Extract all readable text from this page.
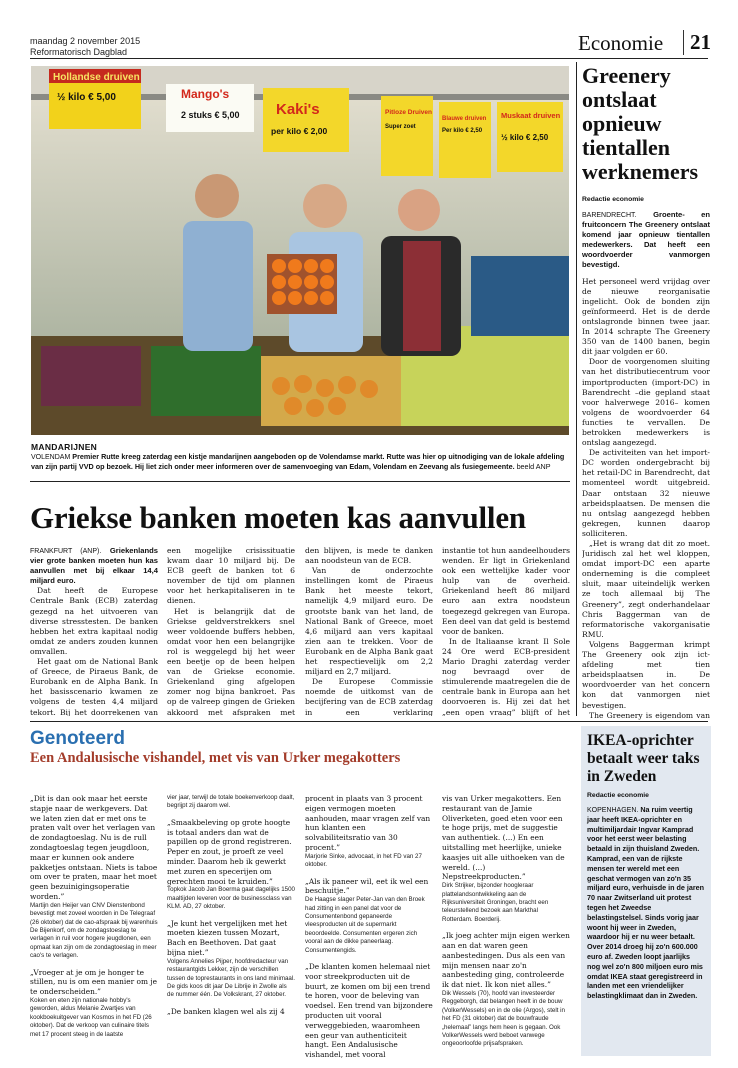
maandag 2 november 2015
Reformatorisch Dagblad	Economie	21
Hollandse druiven
½ kilo € 5,00	Mango's
2 stuks € 5,00 Kaki's
per kilo € 2,00
Pitloze Druiven
Super zoet
Blauwe druiven
Per kilo € 2,50
Muskaat druiven
½ kilo € 2,50
MANDARIJNEN
VOLENDAM Premier Rutte kreeg zaterdag een kistje mandarijnen aangeboden op de Volendamse markt. Rutte was hier op uitnodiging van de lokale afdeling van zijn partij VVD op bezoek. Hij liet zich onder meer informeren over de samenvoeging van Edam, Volendam en Zeevang als fusiegemeente. beeld ANP
Griekse banken moeten kas aanvullen

FRANKFURT (ANP). Griekenlands vier grote banken moeten hun kas aanvullen met bij elkaar 14,4 miljard euro.

Dat heeft de Europese Centrale Bank (ECB) zaterdag gezegd na het uitvoeren van diverse stresstesten. De banken hebben het extra kapitaal nodig omdat ze anders zouden kunnen omvallen.

Het gaat om de National Bank of Greece, de Piraeus Bank, de Eurobank en de Alpha Bank. In het basisscenario kwamen ze volgens de testen 4,4 miljard tekort. Bij het doorrekenen van

een mogelijke crisissituatie kwam daar 10 miljard bij. De ECB geeft de banken tot 6 november de tijd om plannen voor het herkapitaliseren in te dienen.

Het is belangrijk dat de Griekse geldverstrekkers snel weer voldoende buffers hebben, omdat voor hen een belangrijke rol is weggelegd bij het weer een beetje op de been helpen van de Griekse economie. Griekenland ging afgelopen zomer nog bijna bankroet. Pas op de valreep gingen de Grieken akkoord met afspraken met

den blijven, is mede te danken aan noodsteun van de ECB.

Van de onderzochte instellingen komt de Piraeus Bank het meeste tekort, namelijk 4,9 miljard euro. De grootste bank van het land, de National Bank of Greece, moet 4,6 miljard aan vers kapitaal zien aan te trekken. Voor de Eurobank en de Alpha Bank gaat het respectievelijk om 2,2 miljard en 2,7 miljard.

De Europese Commissie noemde de uitkomst van de becijfering van de ECB zaterdag in een verklaring

instantie tot hun aandeelhouders wenden. Er ligt in Griekenland ook een wettelijke kader voor hulp van de overheid. Griekenland heeft 86 miljard euro aan extra noodsteun toegezegd gekregen van Europa. Een deel van dat geld is bestemd voor de banken.

In de Italiaanse krant Il Sole 24 Ore werd ECB-president Mario Draghi zaterdag verder nog bevraagd over de stimulerende maatregelen die de centrale bank in Europa aan het doorvoeren is. Hij zei dat het „een open vraag” blijft of het

Greenery ontslaat opnieuw tientallen werknemers
Redactie economie

BARENDRECHT. Groente- en fruitconcern The Greenery ontslaat komend jaar opnieuw tientallen medewerkers. Dat heeft een woordvoerder vanmorgen bevestigd.

Het personeel werd vrijdag over de nieuwe reorganisatie ingelicht. Ook de bonden zijn geïnformeerd. Het is de derde ontslagronde binnen twee jaar. In 2014 schrapte The Greenery 350 van de 1400 banen, begin dit jaar volgden er 60.

Door de voorgenomen sluiting van het distributiecentrum voor importproducten (import-DC) in Barendrecht –die gepland staat voor halverwege 2016– komen volgens de woordvoerder 64 functies te vervallen. De betrokken medewerkers is ontslag aangezegd.

De activiteiten van het import-DC worden ondergebracht bij het retail-DC in Barendrecht, dat momenteel wordt uitgebreid. Daar ontstaan 32 nieuwe arbeidsplaatsen. De mensen die nu ontslag aangezegd hebben gekregen, kunnen daarop solliciteren.

„Het is wrang dat dit zo moet. Juridisch zal het wel kloppen, omdat import-DC een aparte onderneming is die compleet sluit, maar uiteindelijk werken ze toch allemaal bij The Greenery”, zegt onderhandelaar Chris Baggerman van de reformatorische vakorganisatie RMU.

Volgens Baggerman krimpt The Greenery ook zijn ict-afdeling met tien arbeidsplaatsen in. De woordvoerder van het concern kon dat vanmorgen niet bevestigen.

The Greenery is eigendom van

Genoteerd
Een Andalusische vishandel, met vis van Urker megakotters
„Dit is dan ook maar het eerste stapje naar de werkgevers. Dat we laten zien dat er met ons te praten valt over het verlagen van de zondagtoeslag. Nu is de rull zondagtoeslag tegen jeugdloon, maar er kunnen ook andere pakketjes ontstaan. Niets is taboe om over te praten, maar het moet geen bezuinigingsoperatie worden.”
Martijn den Heijer van CNV Dienstenbond bevestigt met zoveel woorden in De Telegraaf (26 oktober) dat de cao-afspraak bij warenhuis De Bijenkorf, om de zondagstoeslag te verlagen in ruil voor hogere jeugdlonen, een opmaat kan zijn om de zondagtoeslag in meer cao's te verlagen.
„Vroeger at je om je honger te stillen, nu is om een manier om je te onderscheiden.”
Koken en eten zijn nationale hobby's geworden, aldus Melanie Zwartjes van kookboekuitgever van Kosmos in het FD (26 oktober). Dat de verkoop van culinaire titels met 17 procent steeg in de laatste
vier jaar, terwijl de totale boekenverkoop daalt, begrijpt zij daarom wel.
„Smaakbeleving op grote hoogte is totaal anders dan wat de papillen op de grond registreren. Peper en zout, je proeft ze veel minder. Daarom heb ik gewerkt met zuren en specerijen om gerechten mooi te kruiden.”
Topkok Jacob Jan Boerma gaat dagelijks 1500 maaltijden leveren voor de businessclass van KLM. AD, 27 oktober.
„Je kunt het vergelijken met het moeten kiezen tussen Mozart, Bach en Beethoven. Dat gaat bijna niet.”
Volgens Annelies Pijper, hoofdredacteur van restaurantgids Lekker, zijn de verschillen tussen de toprestaurants in ons land minimaal. De gids koos dit jaar De Librije in Zwolle als de nummer één. De Volkskrant, 27 oktober.
„De banken klagen wel als zij 4
procent in plaats van 3 procent eigen vermogen moeten aanhouden, maar vragen zelf van hun klanten een solvabiliteitsratio van 30 procent.”
Marjorie Sinke, advocaat, in het FD van 27 oktober.
„Als ik paneer wil, eet ik wel een beschuitje.”
De Haagse slager Peter-Jan van den Broek had zitting in een panel dat voor de Consumentenbond gepaneerde vleesproducten uit de supermarkt beoordeelde. Consumenten ergeren zich vooral aan de dikke paneerlaag. Consumentengids.
„De klanten komen helemaal niet voor streekproducten uit de buurt, ze komen om bij een trend te horen, voor de beleving van voedsel. Een trend van bijzondere producten uit vooral verweggebieden, waaromheen een geur van authenticiteit hangt. Een Andalusische vishandel, met vooral
vis van Urker megakotters. Een restaurant van de Jamie Oliverketen, goed eten voor een te hoge prijs, met de suggestie van authentiek. (...) En een uitstalling met heerlijke, unieke kaasjes uit alle uithoeken van de wereld. (...) Nepstreekproducten.”
Dirk Strijker, bijzonder hoogleraar plattelandsontwikkeling aan de Rijksuniversiteit Groningen, bracht een teleurstellend bezoek aan Markthal Rotterdam. Boerderij.
„Ik joeg achter mijn eigen werken aan en dat waren geen aanbestedingen. Dus als een van mijn mensen naar zo'n aanbesteding ging, controleerde ik dat niet. Ik kon niet alles.”
Dik Wessels (70), hoofd van investeerder Reggeborgh, dat belangen heeft in de bouw (VolkerWessels) en in de olie (Argos), stelt in het FD (31 oktober) dat de bouwfraude „helemaal” langs hem heen is gegaan. Ook VolkerWessels werd beboet vanwege ongeoorloofde prijsafspraken.
IKEA-oprichter betaalt weer taks in Zweden
Redactie economie

KOPENHAGEN. Na ruim veertig jaar heeft IKEA-oprichter en multimiljardair Ingvar Kamprad voor het eerst weer belasting betaald in zijn thuisland Zweden. Kamprad, een van de rijkste mensen ter wereld met een geschat vermogen van zo'n 35 miljard euro, verhuisde in de jaren 70 naar Zwitserland uit protest tegen het Zweedse belastingstelsel. Sinds vorig jaar woont hij weer in Zweden, waardoor hij er nu weer betaalt. Over 2014 droeg hij zo'n 600.000 euro af. Zweden loopt jaarlijks nog wel zo'n 800 miljoen euro mis omdat IKEA staat geregistreerd in landen met een vriendelijker belastingklimaat dan in Zweden.
